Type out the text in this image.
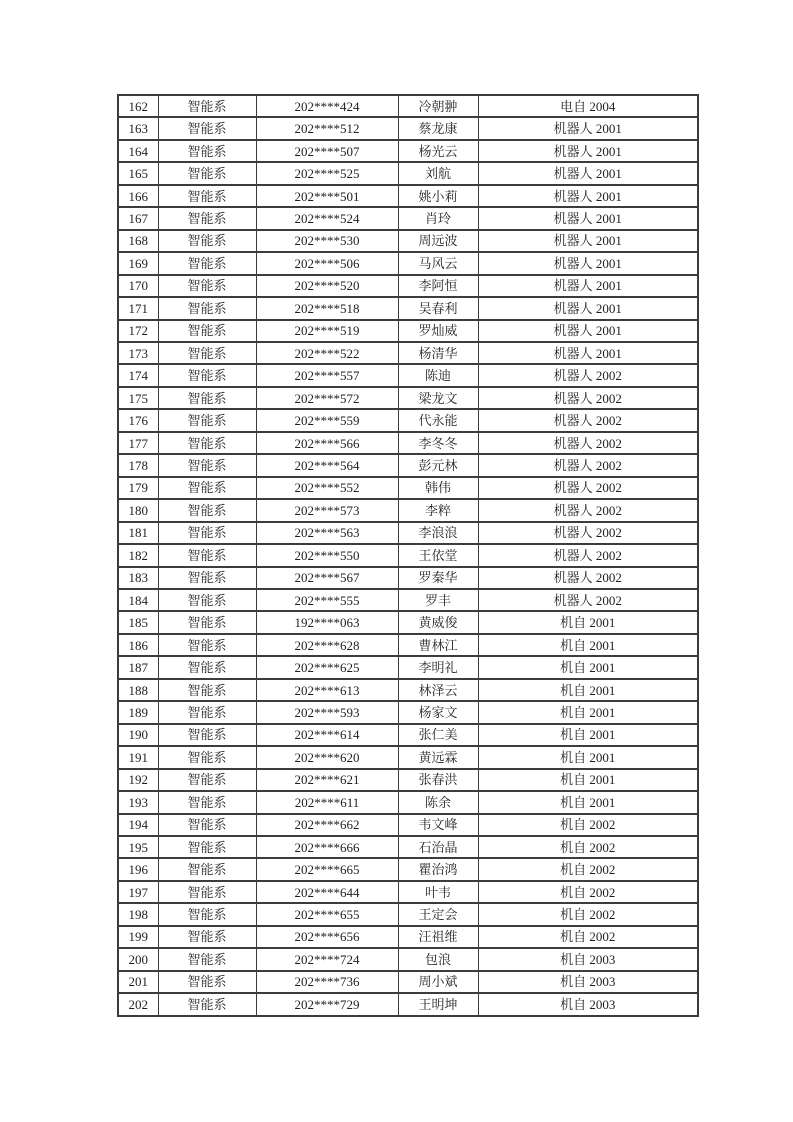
162	智能系	202****424	冷朝翀	电自 2004
163	智能系	202****512	蔡龙康	机器人 2001
164	智能系	202****507	杨光云	机器人 2001
165	智能系	202****525	刘航	机器人 2001
166	智能系	202****501	姚小莉	机器人 2001
167	智能系	202****524	肖玲	机器人 2001
168	智能系	202****530	周远波	机器人 2001
169	智能系	202****506	马风云	机器人 2001
170	智能系	202****520	李阿恒	机器人 2001
171	智能系	202****518	吴春利	机器人 2001
172	智能系	202****519	罗灿威	机器人 2001
173	智能系	202****522	杨清华	机器人 2001
174	智能系	202****557	陈迪	机器人 2002
175	智能系	202****572	梁龙文	机器人 2002
176	智能系	202****559	代永能	机器人 2002
177	智能系	202****566	李冬冬	机器人 2002
178	智能系	202****564	彭元林	机器人 2002
179	智能系	202****552	韩伟	机器人 2002
180	智能系	202****573	李粹	机器人 2002
181	智能系	202****563	李浪浪	机器人 2002
182	智能系	202****550	王依堂	机器人 2002
183	智能系	202****567	罗秦华	机器人 2002
184	智能系	202****555	罗丰	机器人 2002
185	智能系	192****063	黄威俊	机自 2001
186	智能系	202****628	曹林江	机自 2001
187	智能系	202****625	李明礼	机自 2001
188	智能系	202****613	林泽云	机自 2001
189	智能系	202****593	杨家文	机自 2001
190	智能系	202****614	张仁美	机自 2001
191	智能系	202****620	黄远霖	机自 2001
192	智能系	202****621	张春洪	机自 2001
193	智能系	202****611	陈余	机自 2001
194	智能系	202****662	韦文峰	机自 2002
195	智能系	202****666	石治晶	机自 2002
196	智能系	202****665	瞿治鸿	机自 2002
197	智能系	202****644	叶韦	机自 2002
198	智能系	202****655	王定会	机自 2002
199	智能系	202****656	汪祖维	机自 2002
200	智能系	202****724	包浪	机自 2003
201	智能系	202****736	周小斌	机自 2003
202	智能系	202****729	王明坤	机自 2003
